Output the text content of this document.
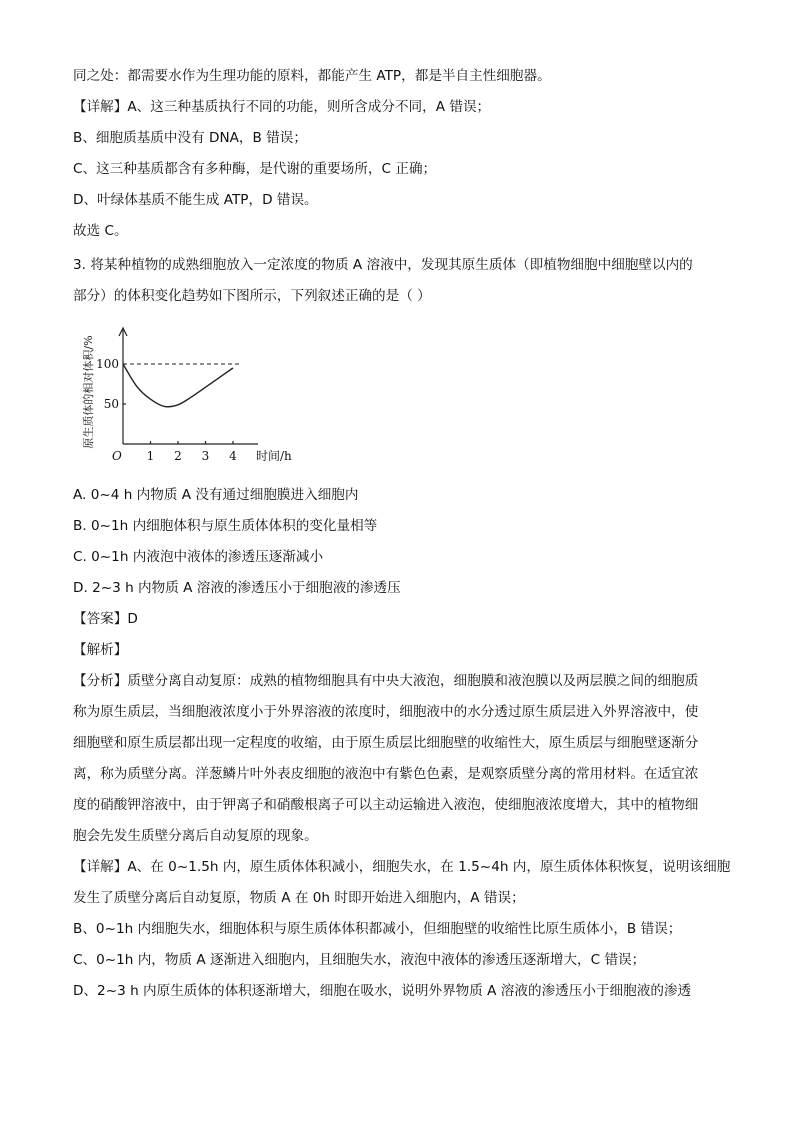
同之处：都需要水作为生理功能的原料，都能产生 ATP，都是半自主性细胞器。
【详解】A、这三种基质执行不同的功能，则所含成分不同，A 错误；
B、细胞质基质中没有 DNA，B 错误；
C、这三种基质都含有多种酶，是代谢的重要场所，C 正确；
D、叶绿体基质不能生成 ATP，D 错误。
故选 C。
3. 将某种植物的成熟细胞放入一定浓度的物质 A 溶液中，发现其原生质体（即植物细胞中细胞壁以内的
部分）的体积变化趋势如下图所示，下列叙述正确的是（ ）
1 2 3 4
50
100
O	时间/h
原生质体的相对体积/%
A. 0~4 h 内物质 A 没有通过细胞膜进入细胞内
B. 0~1h 内细胞体积与原生质体体积的变化量相等
C. 0~1h 内液泡中液体的渗透压逐渐减小
D. 2~3 h 内物质 A 溶液的渗透压小于细胞液的渗透压
【答案】D
【解析】
【分析】质壁分离自动复原：成熟的植物细胞具有中央大液泡，细胞膜和液泡膜以及两层膜之间的细胞质
称为原生质层，当细胞液浓度小于外界溶液的浓度时，细胞液中的水分透过原生质层进入外界溶液中，使
细胞壁和原生质层都出现一定程度的收缩，由于原生质层比细胞壁的收缩性大，原生质层与细胞壁逐渐分
离，称为质壁分离。洋葱鳞片叶外表皮细胞的液泡中有紫色色素，是观察质壁分离的常用材料。在适宜浓
度的硝酸钾溶液中，由于钾离子和硝酸根离子可以主动运输进入液泡，使细胞液浓度增大，其中的植物细
胞会先发生质壁分离后自动复原的现象。
【详解】A、在 0~1.5h 内，原生质体体积减小，细胞失水，在 1.5~4h 内，原生质体体积恢复，说明该细胞
发生了质壁分离后自动复原，物质 A 在 0h 时即开始进入细胞内，A 错误；
B、0~1h 内细胞失水，细胞体积与原生质体体积都减小，但细胞壁的收缩性比原生质体小，B 错误；
C、0~1h 内，物质 A 逐渐进入细胞内，且细胞失水，液泡中液体的渗透压逐渐增大，C 错误；
D、2~3 h 内原生质体的体积逐渐增大，细胞在吸水，说明外界物质 A 溶液的渗透压小于细胞液的渗透
